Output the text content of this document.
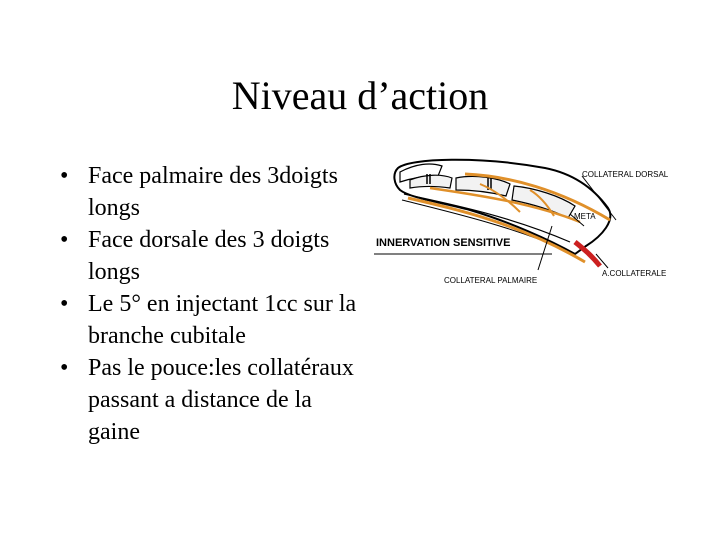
Niveau d’action
• Face palmaire des 3doigts longs
• Face dorsale des 3 doigts longs
• Le 5° en injectant 1cc sur la branche cubitale
• Pas le pouce:les collatéraux passant a distance de la gaine
COLLATERAL DORSAL
META
INNERVATION SENSITIVE
COLLATERAL PALMAIRE
A.COLLATERALE
